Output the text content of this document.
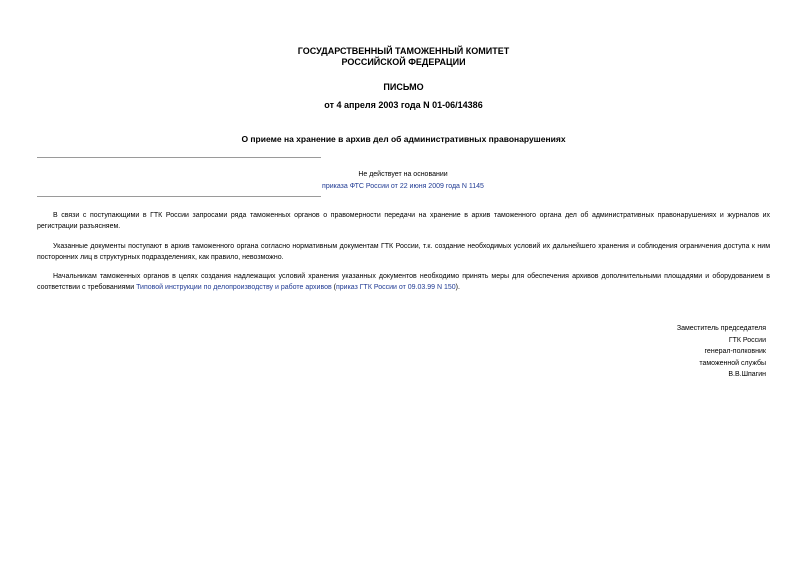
ГОСУДАРСТВЕННЫЙ ТАМОЖЕННЫЙ КОМИТЕТ
РОССИЙСКОЙ ФЕДЕРАЦИИ
ПИСЬМО
от 4 апреля 2003 года N 01-06/14386
О приеме на хранение в архив дел об административных правонарушениях
Не действует на основании
приказа ФТС России от 22 июня 2009 года N 1145
В связи с поступающими в ГТК России запросами ряда таможенных органов о правомерности передачи на хранение в архив таможенного органа дел об административных правонарушениях и журналов их регистрации разъясняем.
Указанные документы поступают в архив таможенного органа согласно нормативным документам ГТК России, т.к. создание необходимых условий их дальнейшего хранения и соблюдения ограничения доступа к ним посторонних лиц в структурных подразделениях, как правило, невозможно.
Начальникам таможенных органов в целях создания надлежащих условий хранения указанных документов необходимо принять меры для обеспечения архивов дополнительными площадями и оборудованием в соответствии с требованиями Типовой инструкции по делопроизводству и работе архивов (приказ ГТК России от 09.03.99 N 150).
Заместитель председателя
ГТК России
генерал-полковник
таможенной службы
В.В.Шпагин
